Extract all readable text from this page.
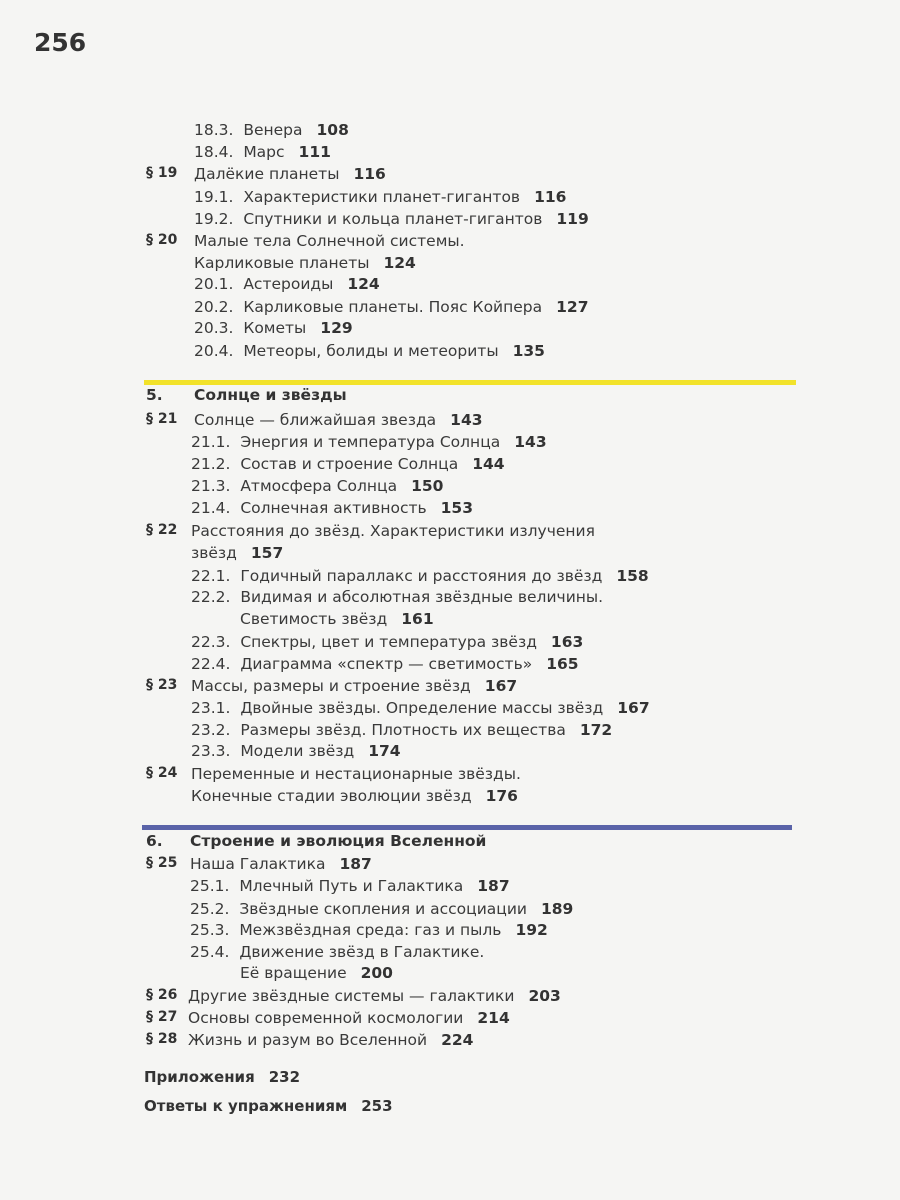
256
18.3. Венера 108
18.4. Марс 111
§ 19 Далёкие планеты 116
19.1. Характеристики планет-гигантов 116
19.2. Спутники и кольца планет-гигантов 119
§ 20 Малые тела Солнечной системы.
Карликовые планеты 124
20.1. Астероиды 124
20.2. Карликовые планеты. Пояс Койпера 127
20.3. Кометы 129
20.4. Метеоры, болиды и метеориты 135
5. Солнце и звёзды
§ 21 Солнце — ближайшая звезда 143
21.1. Энергия и температура Солнца 143
21.2. Состав и строение Солнца 144
21.3. Атмосфера Солнца 150
21.4. Солнечная активность 153
§ 22 Расстояния до звёзд. Характеристики излучения
звёзд 157
22.1. Годичный параллакс и расстояния до звёзд 158
22.2. Видимая и абсолютная звёздные величины.
Светимость звёзд 161
22.3. Спектры, цвет и температура звёзд 163
22.4. Диаграмма «спектр — светимость» 165
§ 23 Массы, размеры и строение звёзд 167
23.1. Двойные звёзды. Определение массы звёзд 167
23.2. Размеры звёзд. Плотность их вещества 172
23.3. Модели звёзд 174
§ 24 Переменные и нестационарные звёзды.
Конечные стадии эволюции звёзд 176
6. Строение и эволюция Вселенной
§ 25 Наша Галактика 187
25.1. Млечный Путь и Галактика 187
25.2. Звёздные скопления и ассоциации 189
25.3. Межзвёздная среда: газ и пыль 192
25.4. Движение звёзд в Галактике.
Её вращение 200
§ 26 Другие звёздные системы — галактики 203
§ 27 Основы современной космологии 214
§ 28 Жизнь и разум во Вселенной 224
Приложения 232
Ответы к упражнениям 253
